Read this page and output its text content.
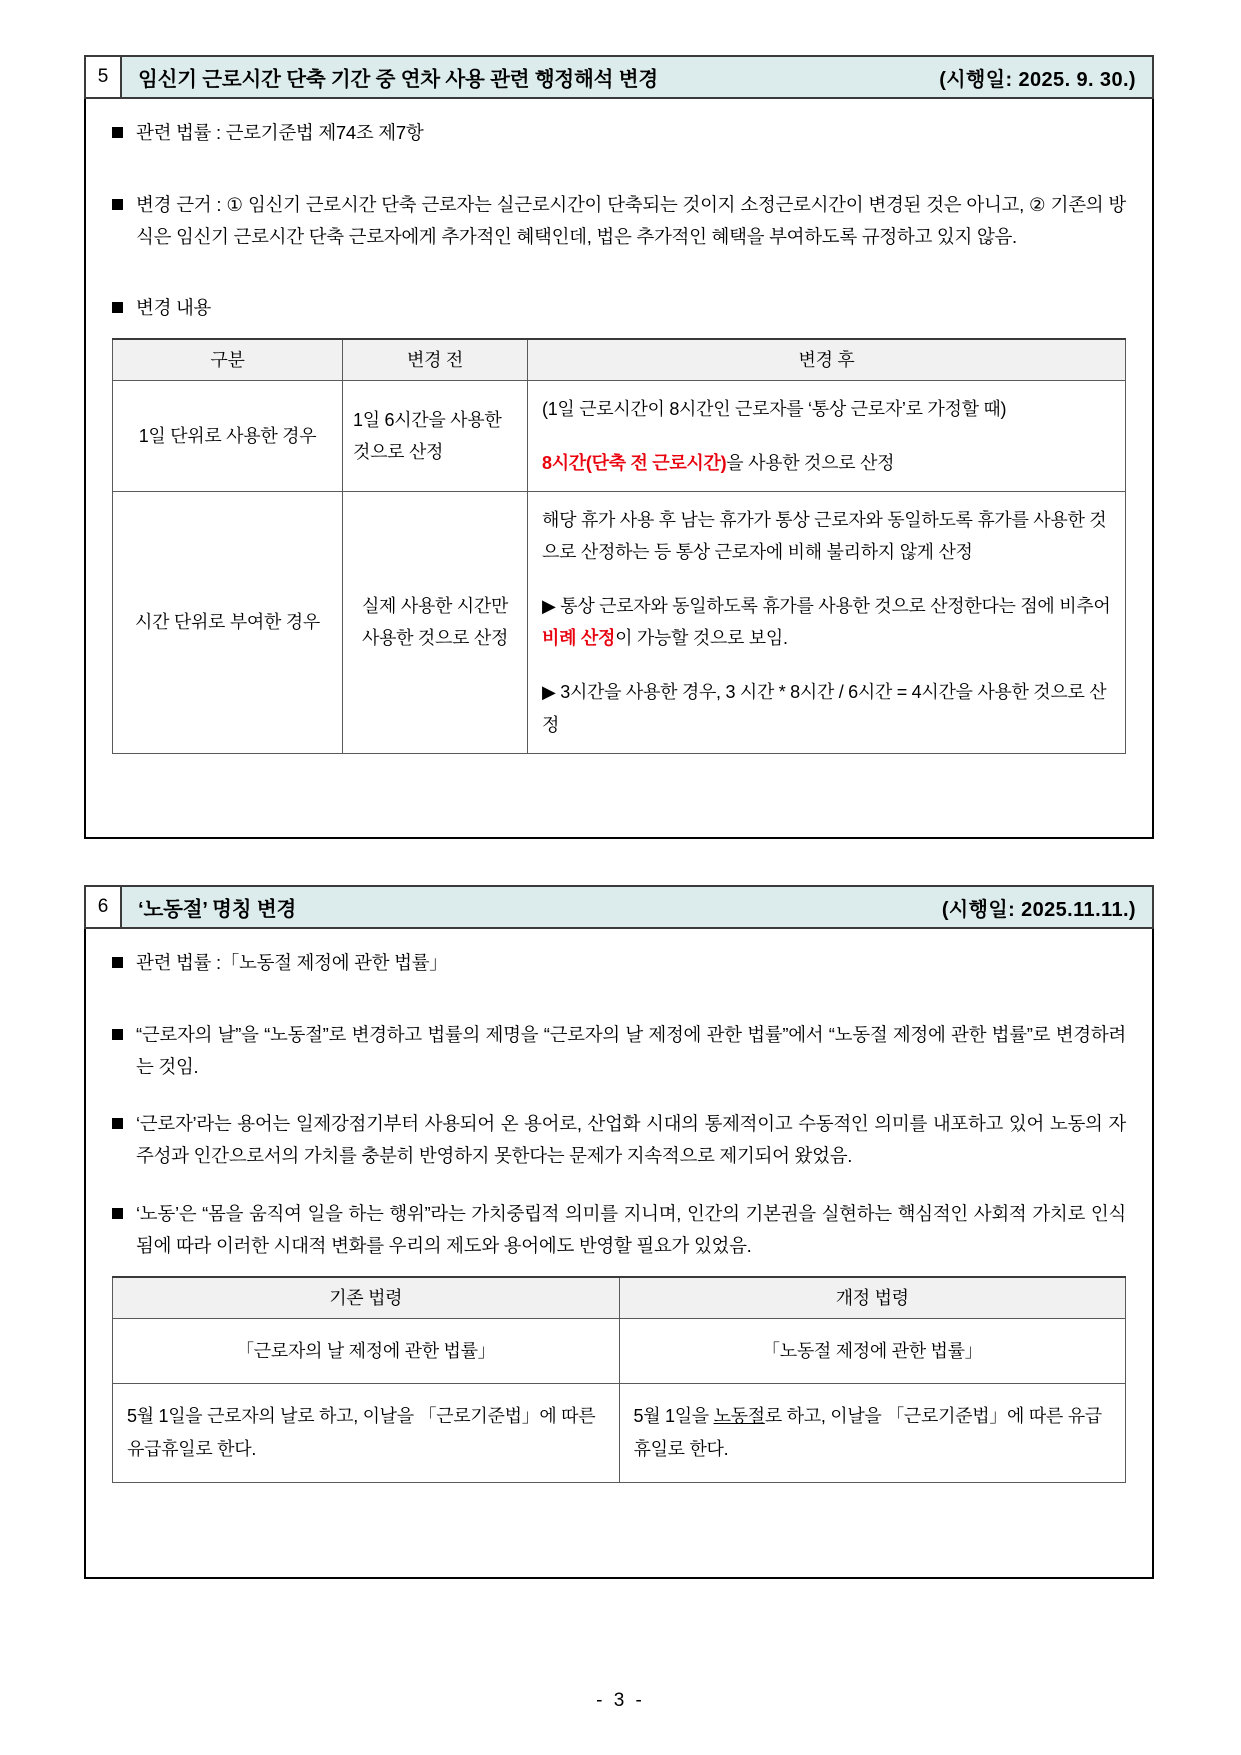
5	임신기 근로시간 단축 기간 중 연차 사용 관련 행정해석 변경	(시행일: 2025. 9. 30.)
관련 법률 : 근로기준법 제74조 제7항
변경 근거 : ① 임신기 근로시간 단축 근로자는 실근로시간이 단축되는 것이지 소정근로시간이 변경된 것은 아니고, ② 기존의 방식은 임신기 근로시간 단축 근로자에게 추가적인 혜택인데, 법은 추가적인 혜택을 부여하도록 규정하고 있지 않음.
변경 내용
구분	변경 전	변경 후
1일 단위로 사용한 경우	1일 6시간을 사용한 것으로 산정	(1일 근로시간이 8시간인 근로자를 ‘통상 근로자’로 가정할 때)
8시간(단축 전 근로시간)을 사용한 것으로 산정
시간 단위로 부여한 경우	실제 사용한 시간만 사용한 것으로 산정	해당 휴가 사용 후 남는 휴가가 통상 근로자와 동일하도록 휴가를 사용한 것으로 산정하는 등 통상 근로자에 비해 불리하지 않게 산정
▶ 통상 근로자와 동일하도록 휴가를 사용한 것으로 산정한다는 점에 비추어 비례 산정이 가능할 것으로 보임.
▶ 3시간을 사용한 경우, 3 시간 * 8시간 / 6시간 = 4시간을 사용한 것으로 산정
6	‘노동절’ 명칭 변경	(시행일: 2025.11.11.)
관련 법률 :「노동절 제정에 관한 법률」
“근로자의 날”을 “노동절”로 변경하고 법률의 제명을 “근로자의 날 제정에 관한 법률”에서 “노동절 제정에 관한 법률”로 변경하려는 것임.
‘근로자’라는 용어는 일제강점기부터 사용되어 온 용어로, 산업화 시대의 통제적이고 수동적인 의미를 내포하고 있어 노동의 자주성과 인간으로서의 가치를 충분히 반영하지 못한다는 문제가 지속적으로 제기되어 왔었음.
‘노동’은 “몸을 움직여 일을 하는 행위”라는 가치중립적 의미를 지니며, 인간의 기본권을 실현하는 핵심적인 사회적 가치로 인식됨에 따라 이러한 시대적 변화를 우리의 제도와 용어에도 반영할 필요가 있었음.
기존 법령	개정 법령
「근로자의 날 제정에 관한 법률」	「노동절 제정에 관한 법률」
5월 1일을 근로자의 날로 하고, 이날을 「근로기준법」에 따른 유급휴일로 한다.	5월 1일을 노동절로 하고, 이날을 「근로기준법」에 따른 유급휴일로 한다.
- 3 -
